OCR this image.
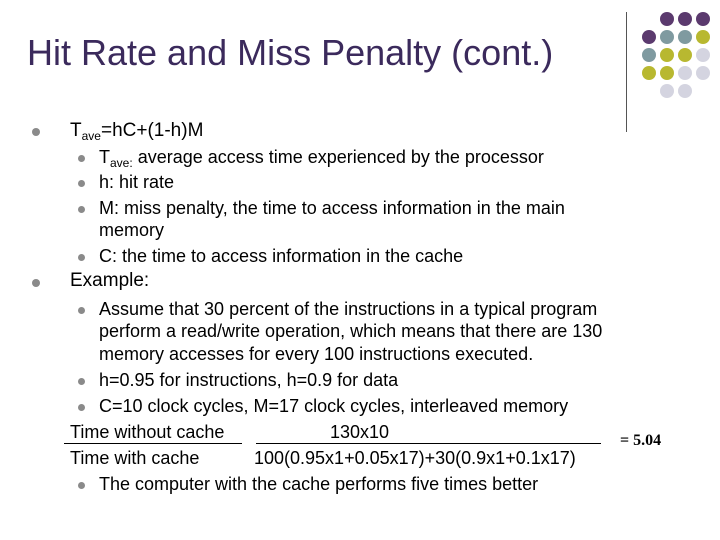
Hit Rate and Miss Penalty (cont.)
$T_{ave}=hC+(1-h)M$
$T_{ave:}$ average access time experienced by the processor
h: hit rate
M: miss penalty, the time to access information in the main
memory
C: the time to access information in the cache
Example:
Assume that 30 percent of the instructions in a typical program
perform a read/write operation, which means that there are 130
memory accesses for every 100 instructions executed.
h=0.95 for instructions, h=0.9 for data
C=10 clock cycles, M=17 clock cycles, interleaved memory
Time without cache	130x10	= 5.04
Time with cache	100(0.95x1+0.05x17)+30(0.9x1+0.1x17)
The computer with the cache performs five times better
